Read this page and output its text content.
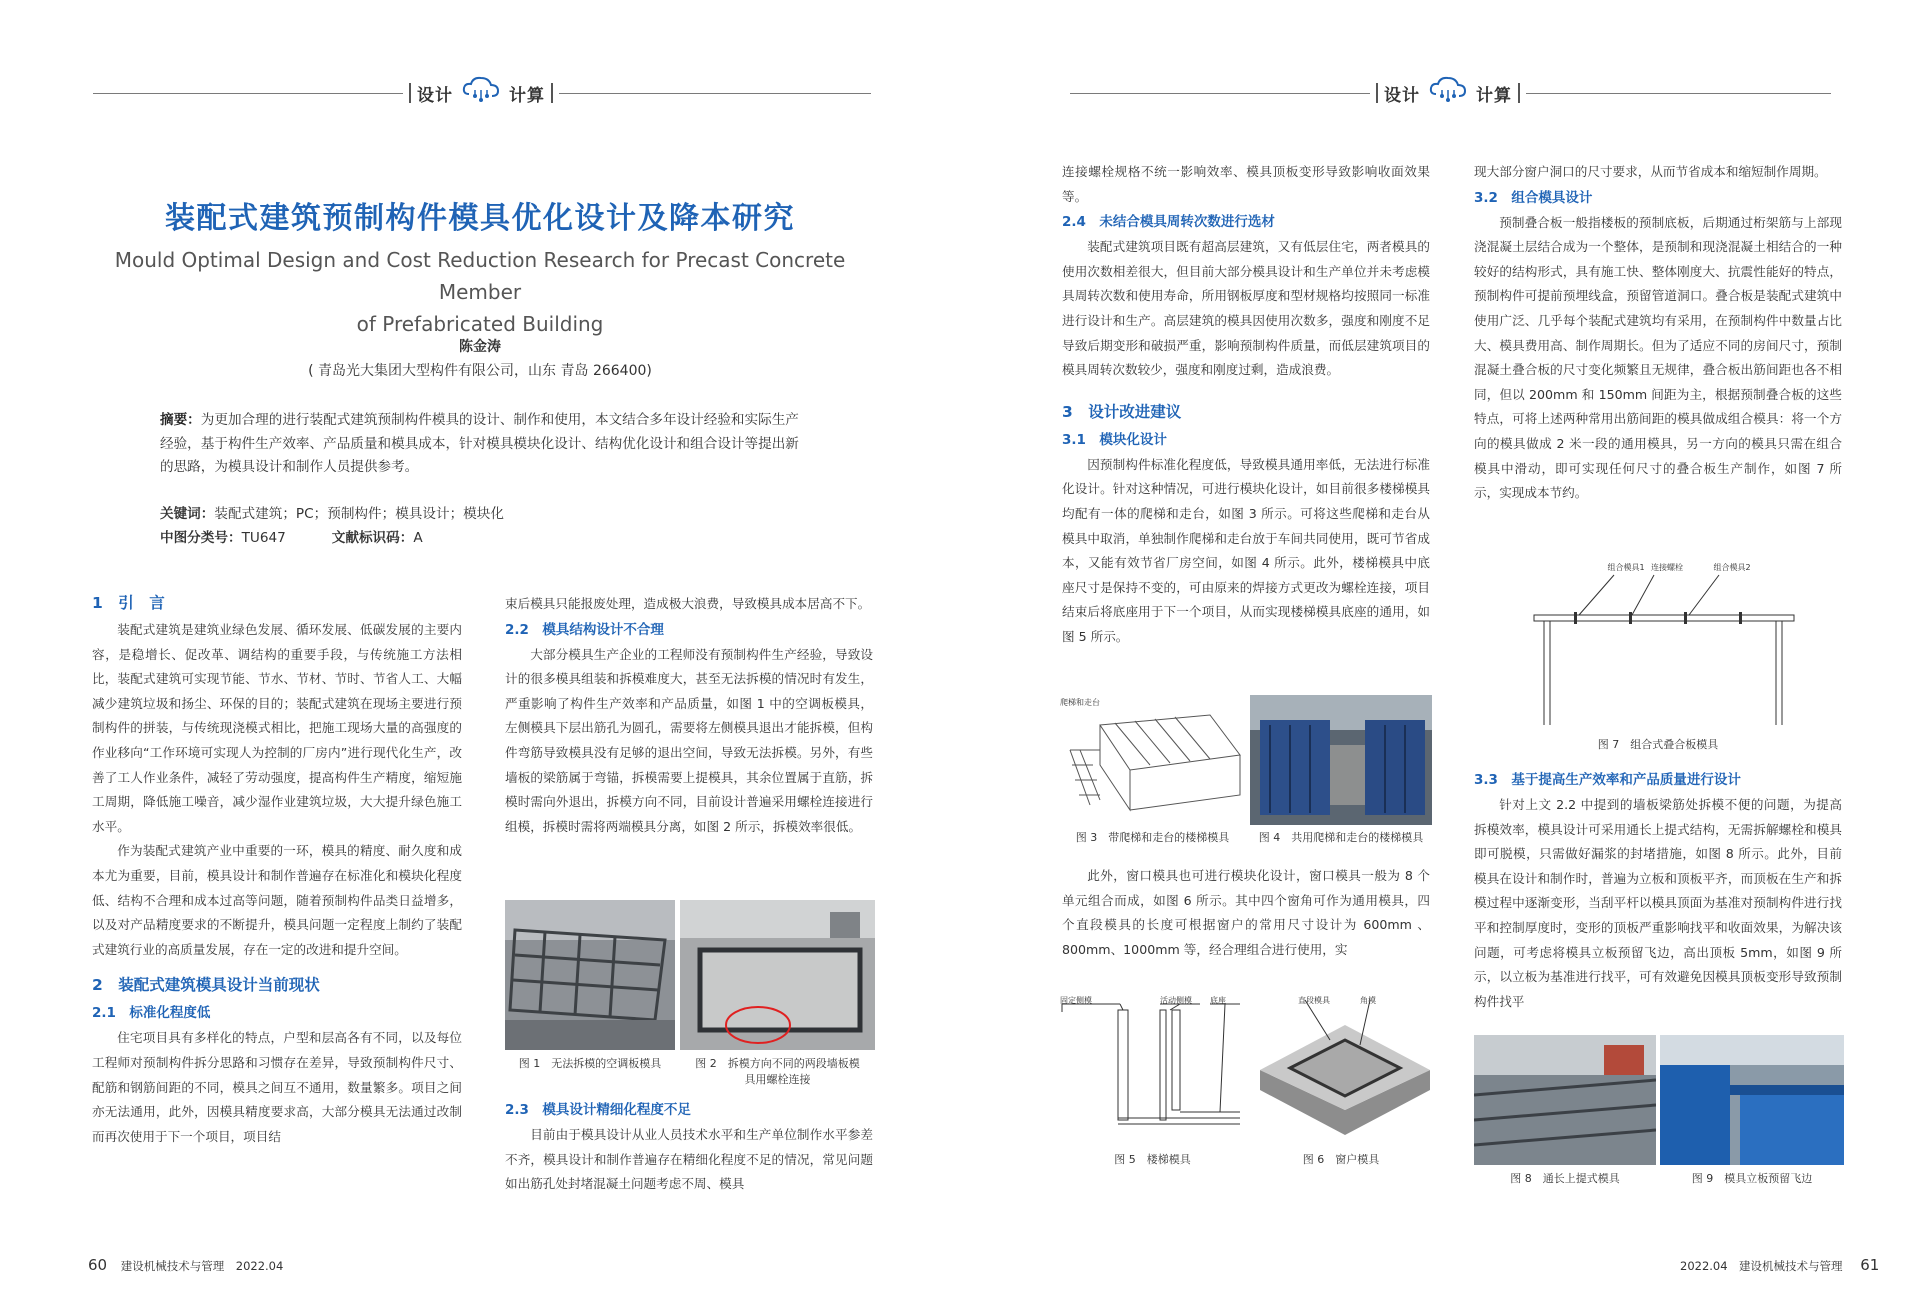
设计	计算
装配式建筑预制构件模具优化设计及降本研究
Mould Optimal Design and Cost Reduction Research for Precast Concrete Member
of Prefabricated Building
陈金涛
( 青岛光大集团大型构件有限公司，山东 青岛 266400)
摘要：为更加合理的进行装配式建筑预制构件模具的设计、制作和使用，本文结合多年设计经验和实际生产经验，基于构件生产效率、产品质量和模具成本，针对模具模块化设计、结构优化设计和组合设计等提出新的思路，为模具设计和制作人员提供参考。
关键词：装配式建筑；PC；预制构件；模具设计；模块化
中图分类号：TU647	文献标识码：A
1　引　言

装配式建筑是建筑业绿色发展、循环发展、低碳发展的主要内容，是稳增长、促改革、调结构的重要手段，与传统施工方法相比，装配式建筑可实现节能、节水、节材、节时、节省人工、大幅减少建筑垃圾和扬尘、环保的目的；装配式建筑在现场主要进行预制构件的拼装，与传统现浇模式相比，把施工现场大量的高强度的作业移向“工作环境可实现人为控制的厂房内”进行现代化生产，改善了工人作业条件，减轻了劳动强度，提高构件生产精度，缩短施工周期，降低施工噪音，减少湿作业建筑垃圾，大大提升绿色施工水平。

作为装配式建筑产业中重要的一环，模具的精度、耐久度和成本尤为重要，目前，模具设计和制作普遍存在标准化和模块化程度低、结构不合理和成本过高等问题，随着预制构件品类日益增多，以及对产品精度要求的不断提升，模具问题一定程度上制约了装配式建筑行业的高质量发展，存在一定的改进和提升空间。

2　装配式建筑模具设计当前现状
2.1　标准化程度低

住宅项目具有多样化的特点，户型和层高各有不同，以及每位工程师对预制构件拆分思路和习惯存在差异，导致预制构件尺寸、配筋和钢筋间距的不同，模具之间互不通用，数量繁多。项目之间亦无法通用，此外，因模具精度要求高，大部分模具无法通过改制而再次使用于下一个项目，项目结

束后模具只能报废处理，造成极大浪费，导致模具成本居高不下。

2.2　模具结构设计不合理

大部分模具生产企业的工程师没有预制构件生产经验，导致设计的很多模具组装和拆模难度大，甚至无法拆模的情况时有发生，严重影响了构件生产效率和产品质量，如图 1 中的空调板模具，左侧模具下层出筋孔为圆孔，需要将左侧模具退出才能拆模，但构件弯筋导致模具没有足够的退出空间，导致无法拆模。另外，有些墙板的梁筋属于弯锚，拆模需要上提模具，其余位置属于直筋，拆模时需向外退出，拆模方向不同，目前设计普遍采用螺栓连接进行组模，拆模时需将两端模具分离，如图 2 所示，拆模效率很低。

图 1　无法拆模的空调板模具	图 2　拆模方向不同的两段墙板模
具用螺栓连接
2.3　模具设计精细化程度不足

目前由于模具设计从业人员技术水平和生产单位制作水平参差不齐，模具设计和制作普遍存在精细化程度不足的情况，常见问题如出筋孔处封堵混凝土问题考虑不周、模具

60 建设机械技术与管理　2022.04
设计	计算

连接螺栓规格不统一影响效率、模具顶板变形导致影响收面效果等。

2.4　未结合模具周转次数进行选材

装配式建筑项目既有超高层建筑，又有低层住宅，两者模具的使用次数相差很大，但目前大部分模具设计和生产单位并未考虑模具周转次数和使用寿命，所用钢板厚度和型材规格均按照同一标准进行设计和生产。高层建筑的模具因使用次数多，强度和刚度不足导致后期变形和破损严重，影响预制构件质量，而低层建筑项目的模具周转次数较少，强度和刚度过剩，造成浪费。

3　设计改进建议
3.1　模块化设计

因预制构件标准化程度低，导致模具通用率低，无法进行标准化设计。针对这种情况，可进行模块化设计，如目前很多楼梯模具均配有一体的爬梯和走台，如图 3 所示。可将这些爬梯和走台从模具中取消，单独制作爬梯和走台放于车间共同使用，既可节省成本，又能有效节省厂房空间，如图 4 所示。此外，楼梯模具中底座尺寸是保持不变的，可由原来的焊接方式更改为螺栓连接，项目结束后将底座用于下一个项目，从而实现楼梯模具底座的通用，如图 5 所示。

爬梯和走台
图 3　带爬梯和走台的楼梯模具	图 4　共用爬梯和走台的楼梯模具

此外，窗口模具也可进行模块化设计，窗口模具一般为 8 个单元组合而成，如图 6 所示。其中四个窗角可作为通用模具，四个直段模具的长度可根据窗户的常用尺寸设计为 600mm 、800mm、1000mm 等，经合理组合进行使用，实

固定侧模	活动侧模	底座	直段模具	角模
图 5　楼梯模具	图 6　窗户模具

现大部分窗户洞口的尺寸要求，从而节省成本和缩短制作周期。

3.2　组合模具设计

预制叠合板一般指楼板的预制底板，后期通过桁架筋与上部现浇混凝土层结合成为一个整体，是预制和现浇混凝土相结合的一种较好的结构形式，具有施工快、整体刚度大、抗震性能好的特点，预制构件可提前预埋线盒，预留管道洞口。叠合板是装配式建筑中使用广泛、几乎每个装配式建筑均有采用，在预制构件中数量占比大、模具费用高、制作周期长。但为了适应不同的房间尺寸，预制混凝土叠合板的尺寸变化频繁且无规律，叠合板出筋间距也各不相同，但以 200mm 和 150mm 间距为主，根据预制叠合板的这些特点，可将上述两种常用出筋间距的模具做成组合模具：将一个方向的模具做成 2 米一段的通用模具，另一方向的模具只需在组合模具中滑动，即可实现任何尺寸的叠合板生产制作，如图 7 所示，实现成本节约。

组合模具1 连接螺栓	组合模具2
图 7　组合式叠合板模具
3.3　基于提高生产效率和产品质量进行设计

针对上文 2.2 中提到的墙板梁筋处拆模不便的问题，为提高拆模效率，模具设计可采用通长上提式结构，无需拆解螺栓和模具即可脱模，只需做好漏浆的封堵措施，如图 8 所示。此外，目前模具在设计和制作时，普遍为立板和顶板平齐，而顶板在生产和拆模过程中逐渐变形，当刮平杆以模具顶面为基准对预制构件进行找平和控制厚度时，变形的顶板严重影响找平和收面效果，为解决该问题，可考虑将模具立板预留飞边，高出顶板 5mm，如图 9 所示，以立板为基准进行找平，可有效避免因模具顶板变形导致预制构件找平

图 8　通长上提式模具	图 9　模具立板预留飞边
2022.04　建设机械技术与管理 61
